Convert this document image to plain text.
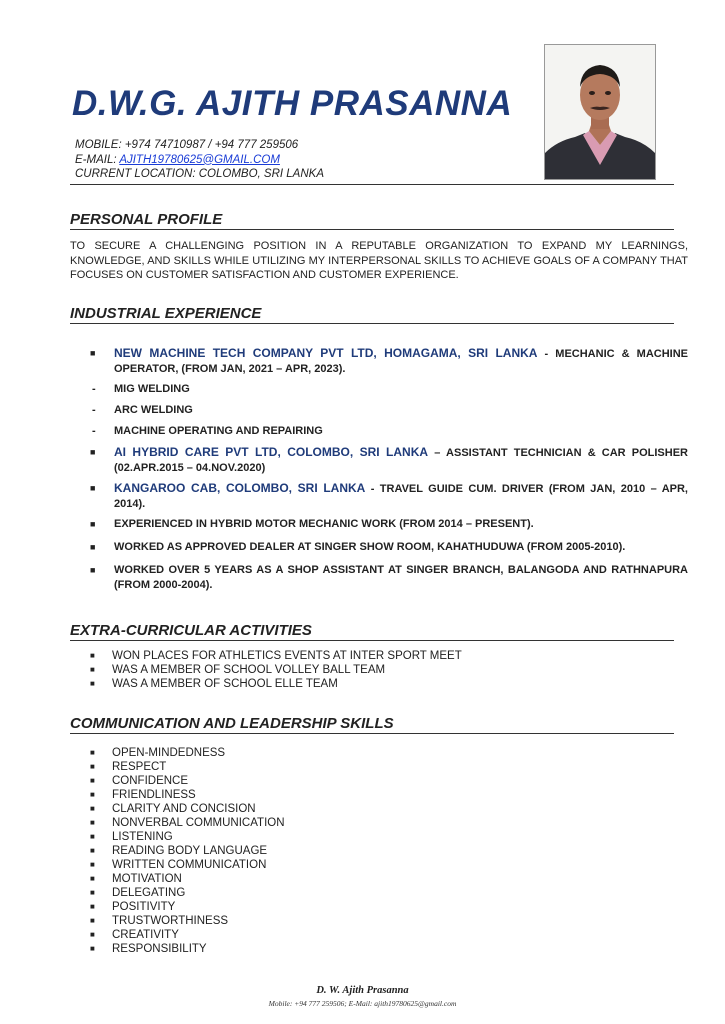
D.W.G. AJITH PRASANNA
MOBILE: +974 74710987 / +94 777 259506
E-MAIL: AJITH19780625@GMAIL.COM
CURRENT LOCATION: COLOMBO, SRI LANKA
PERSONAL PROFILE

TO SECURE A CHALLENGING POSITION IN A REPUTABLE ORGANIZATION TO EXPAND MY LEARNINGS, KNOWLEDGE, AND SKILLS WHILE UTILIZING MY INTERPERSONAL SKILLS TO ACHIEVE GOALS OF A COMPANY THAT FOCUSES ON CUSTOMER SATISFACTION AND CUSTOMER EXPERIENCE.

INDUSTRIAL EXPERIENCE
■ NEW MACHINE TECH COMPANY PVT LTD, HOMAGAMA, SRI LANKA - MECHANIC & MACHINE OPERATOR, (FROM JAN, 2021 – APR, 2023).
- MIG WELDING
- ARC WELDING
- MACHINE OPERATING AND REPAIRING
■ AI HYBRID CARE PVT LTD, COLOMBO, SRI LANKA – ASSISTANT TECHNICIAN & CAR POLISHER (02.APR.2015 – 04.NOV.2020)
■ KANGAROO CAB, COLOMBO, SRI LANKA - TRAVEL GUIDE CUM. DRIVER (FROM JAN, 2010 – APR, 2014).
■ EXPERIENCED IN HYBRID MOTOR MECHANIC WORK (FROM 2014 – PRESENT).
■ WORKED AS APPROVED DEALER AT SINGER SHOW ROOM, KAHATHUDUWA (FROM 2005-2010).
■ WORKED OVER 5 YEARS AS A SHOP ASSISTANT AT SINGER BRANCH, BALANGODA AND RATHNAPURA (FROM 2000-2004).
EXTRA-CURRICULAR ACTIVITIES
■ WON PLACES FOR ATHLETICS EVENTS AT INTER SPORT MEET
■ WAS A MEMBER OF SCHOOL VOLLEY BALL TEAM
■ WAS A MEMBER OF SCHOOL ELLE TEAM
COMMUNICATION AND LEADERSHIP SKILLS
■ OPEN-MINDEDNESS
■ RESPECT
■ CONFIDENCE
■ FRIENDLINESS
■ CLARITY AND CONCISION
■ NONVERBAL COMMUNICATION
■ LISTENING
■ READING BODY LANGUAGE
■ WRITTEN COMMUNICATION
■ MOTIVATION
■ DELEGATING
■ POSITIVITY
■ TRUSTWORTHINESS
■ CREATIVITY
■ RESPONSIBILITY
D. W. Ajith Prasanna
Mobile: +94 777 259506; E-Mail: ajith19780625@gmail.com
